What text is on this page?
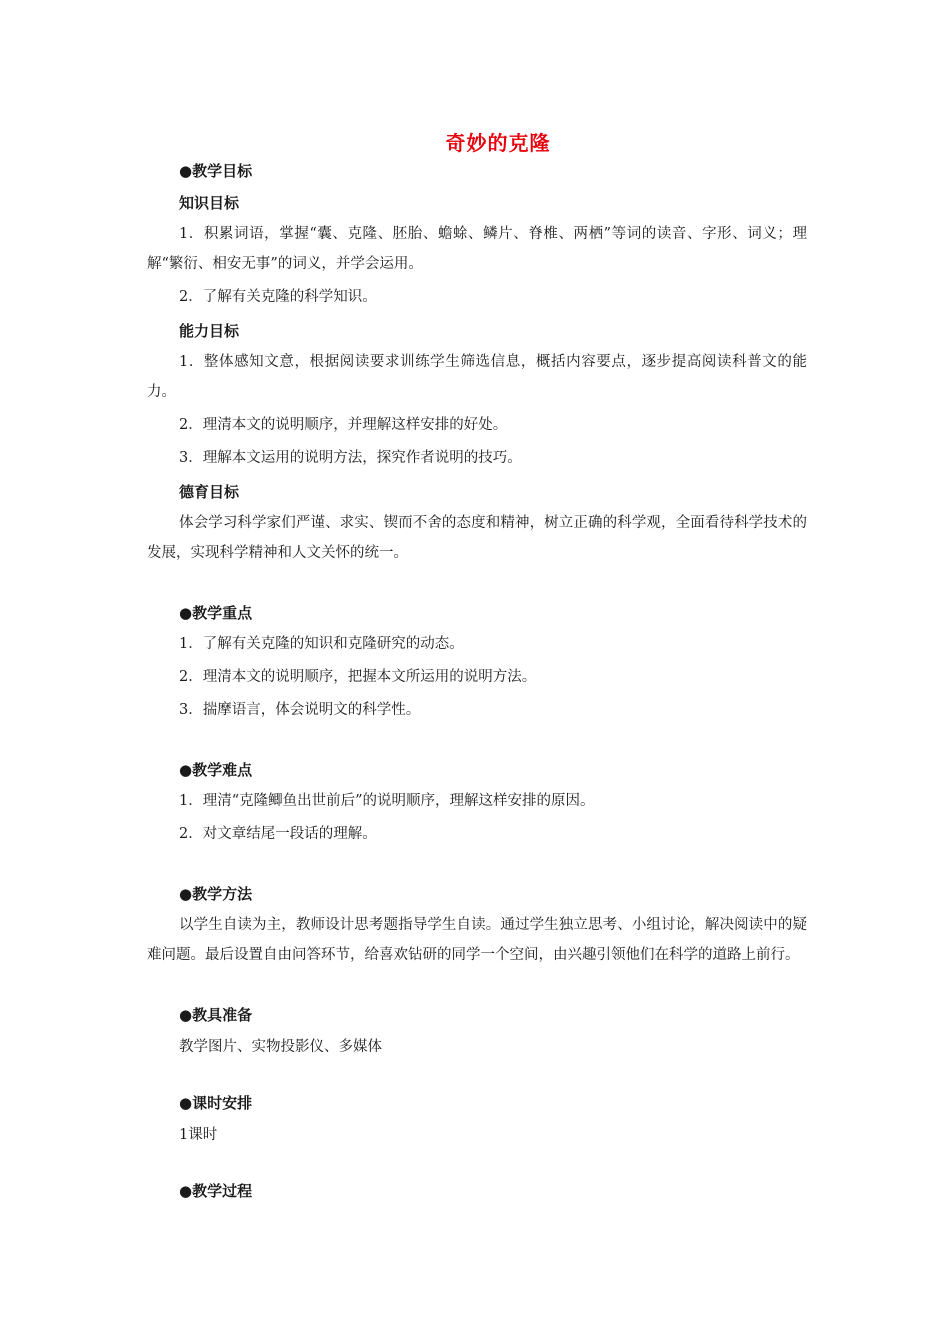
奇妙的克隆
●教学目标
知识目标

1．积累词语，掌握“囊、克隆、胚胎、蟾蜍、鳞片、脊椎、两栖”等词的读音、字形、词义；理解“繁衍、相安无事”的词义，并学会运用。

2．了解有关克隆的科学知识。

能力目标

1．整体感知文意，根据阅读要求训练学生筛选信息，概括内容要点，逐步提高阅读科普文的能力。

2．理清本文的说明顺序，并理解这样安排的好处。

3．理解本文运用的说明方法，探究作者说明的技巧。

德育目标

体会学习科学家们严谨、求实、锲而不舍的态度和精神，树立正确的科学观，全面看待科学技术的发展，实现科学精神和人文关怀的统一。

●教学重点

1．了解有关克隆的知识和克隆研究的动态。

2．理清本文的说明顺序，把握本文所运用的说明方法。

3．揣摩语言，体会说明文的科学性。

●教学难点

1．理清“克隆鲫鱼出世前后”的说明顺序，理解这样安排的原因。

2．对文章结尾一段话的理解。

●教学方法

以学生自读为主，教师设计思考题指导学生自读。通过学生独立思考、小组讨论，解决阅读中的疑难问题。最后设置自由问答环节，给喜欢钻研的同学一个空间，由兴趣引领他们在科学的道路上前行。

●教具准备
教学图片、实物投影仪、多媒体
●课时安排
1课时
●教学过程
